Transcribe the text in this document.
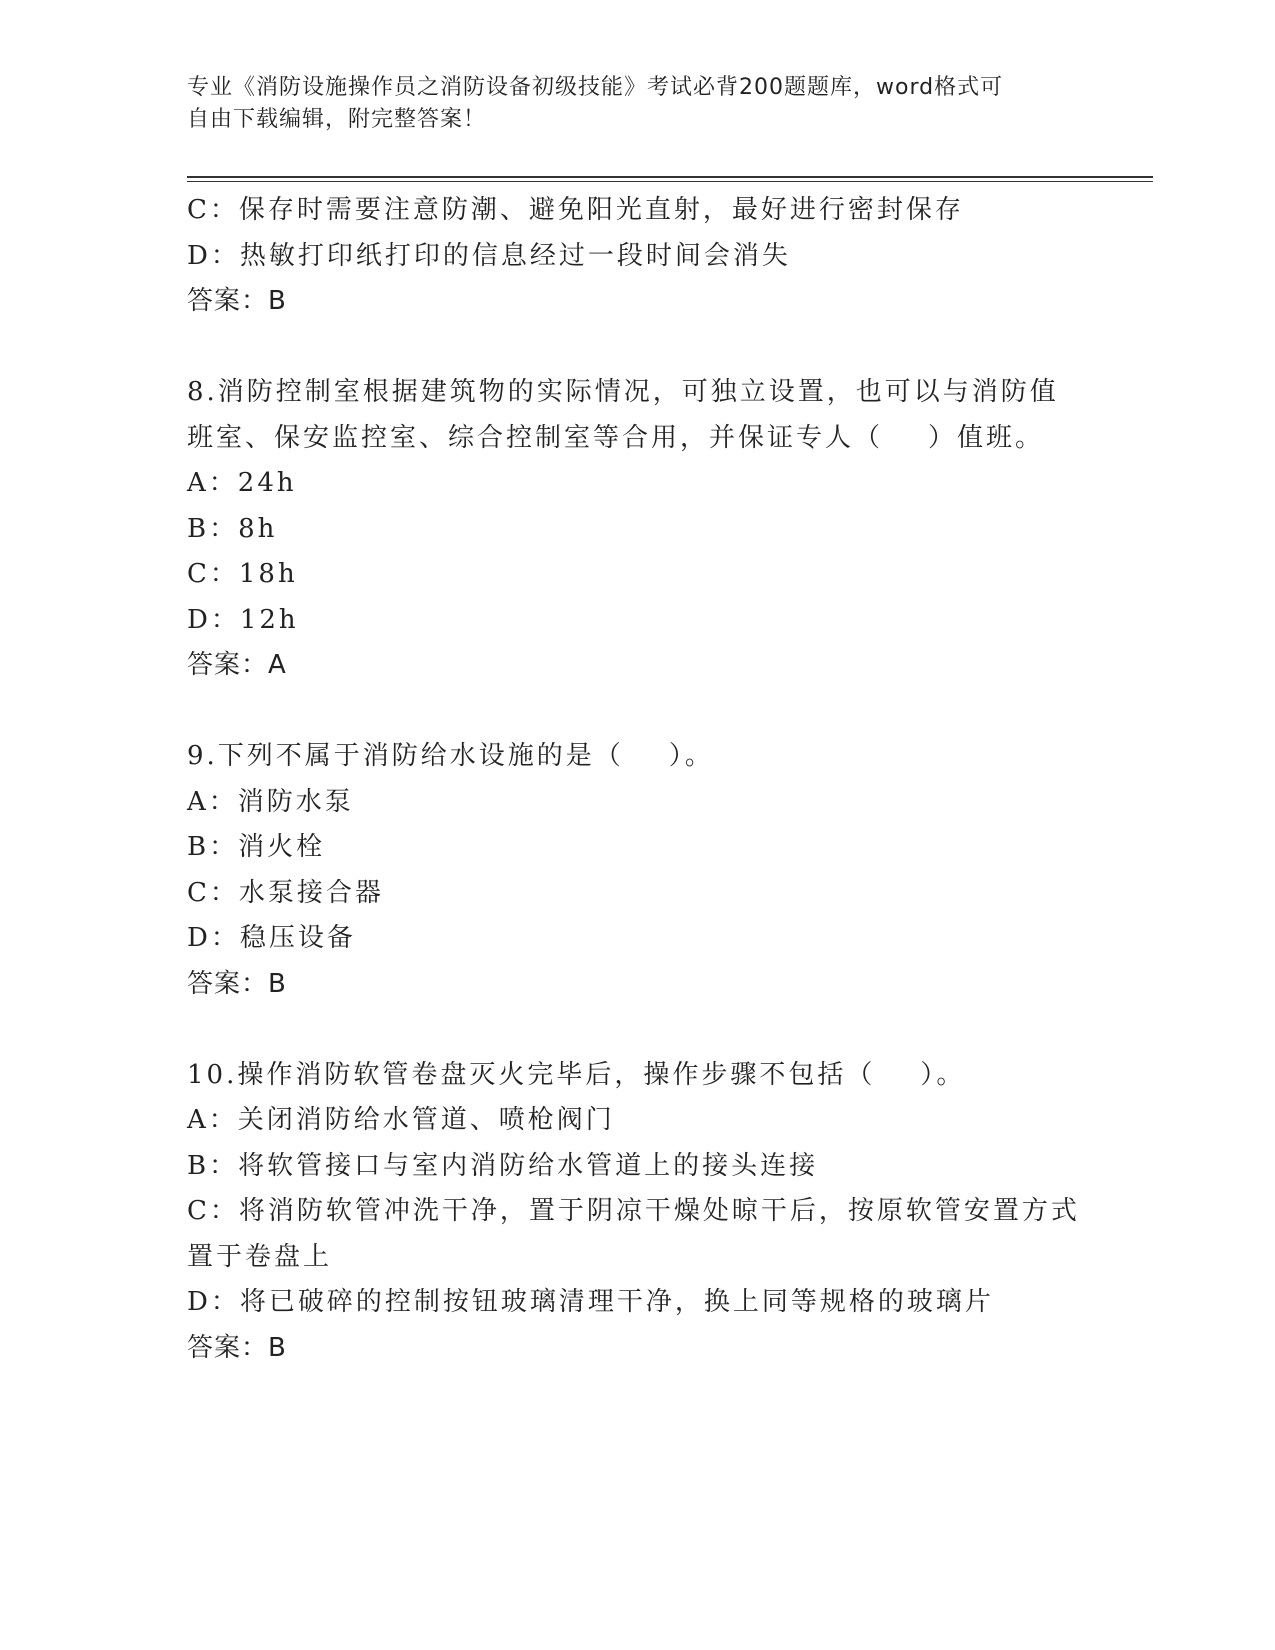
专业《消防设施操作员之消防设备初级技能》考试必背200题题库，word格式可
自由下载编辑，附完整答案！
C：保存时需要注意防潮、避免阳光直射，最好进行密封保存
D：热敏打印纸打印的信息经过一段时间会消失
答案：B
8.消防控制室根据建筑物的实际情况，可独立设置，也可以与消防值
班室、保安监控室、综合控制室等合用，并保证专人（    ）值班。
A：24h
B：8h
C：18h
D：12h
答案：A
9.下列不属于消防给水设施的是（    ）。
A：消防水泵
B：消火栓
C：水泵接合器
D：稳压设备
答案：B
10.操作消防软管卷盘灭火完毕后，操作步骤不包括（    ）。
A：关闭消防给水管道、喷枪阀门
B：将软管接口与室内消防给水管道上的接头连接
C：将消防软管冲洗干净，置于阴凉干燥处晾干后，按原软管安置方式
置于卷盘上
D：将已破碎的控制按钮玻璃清理干净，换上同等规格的玻璃片
答案：B
